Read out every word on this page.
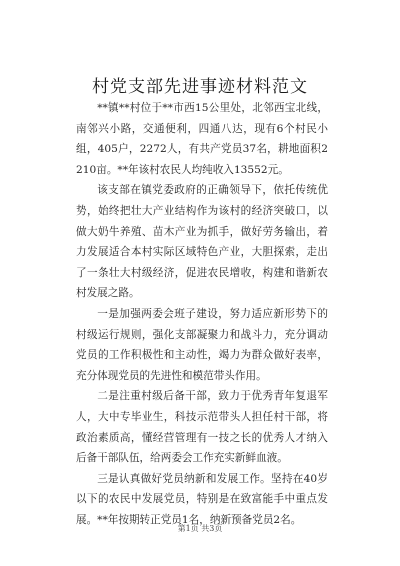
村党支部先进事迹材料范文

**镇**村位于**市西15公里处，北邻西宝北线，南邻兴小路，交通便利，四通八达，现有6个村民小组，405户，2272人，有共产党员37名，耕地面积2210亩。**年该村农民人均纯收入13552元。

该支部在镇党委政府的正确领导下，依托传统优势，始终把壮大产业结构作为该村的经济突破口，以做大奶牛养殖、苗木产业为抓手，做好劳务输出，着力发展适合本村实际区域特色产业，大胆探索，走出了一条壮大村级经济，促进农民增收，构建和谐新农村发展之路。

一是加强两委会班子建设，努力适应新形势下的村级运行规则，强化支部凝聚力和战斗力，充分调动党员的工作积极性和主动性，竭力为群众做好表率，充分体现党员的先进性和模范带头作用。

二是注重村级后备干部，致力于优秀青年复退军人，大中专毕业生，科技示范带头人担任村干部，将政治素质高，懂经营管理有一技之长的优秀人才纳入后备干部队伍，给两委会工作充实新鲜血液。

三是认真做好党员纳新和发展工作。坚持在40岁以下的农民中发展党员，特别是在致富能手中重点发展。**年按期转正党员1名，纳新预备党员2名。

第1页 共3页
